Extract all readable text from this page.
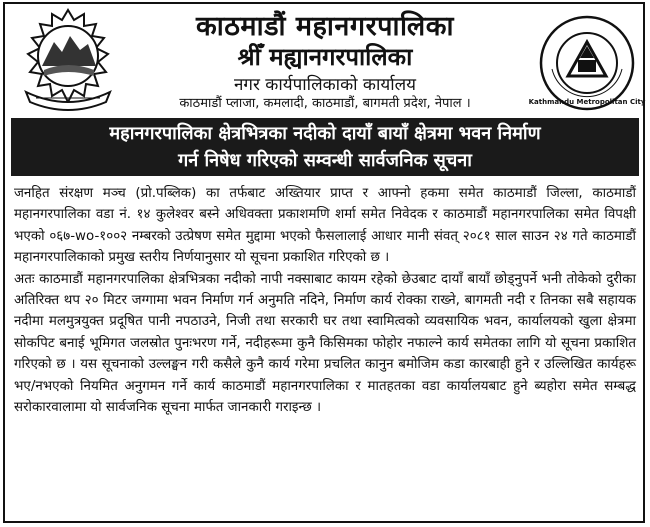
काठमाडौं महानगरपालिका
श्रीँ मह्यानगरपालिका
नगर कार्यपालिकाको कार्यालय
काठमाडौं प्लाजा, कमलादी, काठमाडौं, बागमती प्रदेश, नेपाल ।	Kathmandu Metropolitan City
महानगरपालिका क्षेत्रभित्रका नदीको दायाँ बायाँ क्षेत्रमा भवन निर्माण
गर्न निषेध गरिएको सम्वन्धी सार्वजनिक सूचना

जनहित संरक्षण मञ्च (प्रो.पब्लिक) का तर्फबाट अख्तियार प्राप्त र आफ्नो हकमा समेत काठमाडौं जिल्ला, काठमाडौं महानगरपालिका वडा नं. १४ कुलेश्वर बस्ने अधिवक्ता प्रकाशमणि शर्मा समेत निवेदक र काठमाडौं महानगरपालिका समेत विपक्षी भएको ०६७-wo-१००२ नम्बरको उत्प्रेषण समेत मुद्दामा भएको फैसलालाई आधार मानी संवत् २०८१ साल साउन २४ गते काठमाडौं महानगरपालिकाको प्रमुख स्तरीय निर्णयानुसार यो सूचना प्रकाशित गरिएको छ ।

अतः काठमाडौं महानगरपालिका क्षेत्रभित्रका नदीको नापी नक्साबाट कायम रहेको छेउबाट दायाँ बायाँ छोड्नुपर्ने भनी तोकेको दुरीका अतिरिक्त थप २० मिटर जग्गामा भवन निर्माण गर्न अनुमति नदिने, निर्माण कार्य रोक्का राख्ने, बागमती नदी र तिनका सबै सहायक नदीमा मलमुत्रयुक्त प्रदूषित पानी नपठाउने, निजी तथा सरकारी घर तथा स्वामित्वको व्यवसायिक भवन, कार्यालयको खुला क्षेत्रमा सोकपिट बनाई भूमिगत जलस्रोत पुनःभरण गर्ने, नदीहरूमा कुनै किसिमका फोहोर नफाल्ने कार्य समेतका लागि यो सूचना प्रकाशित गरिएको छ । यस सूचनाको उल्लङ्घन गरी कसैले कुनै कार्य गरेमा प्रचलित कानुन बमोजिम कडा कारबाही हुने र उल्लिखित कार्यहरू भए/नभएको नियमित अनुगमन गर्ने कार्य काठमाडौं महानगरपालिका र मातहतका वडा कार्यालयबाट हुने ब्यहोरा समेत सम्बद्ध सरोकारवालामा यो सार्वजनिक सूचना मार्फत जानकारी गराइन्छ ।
